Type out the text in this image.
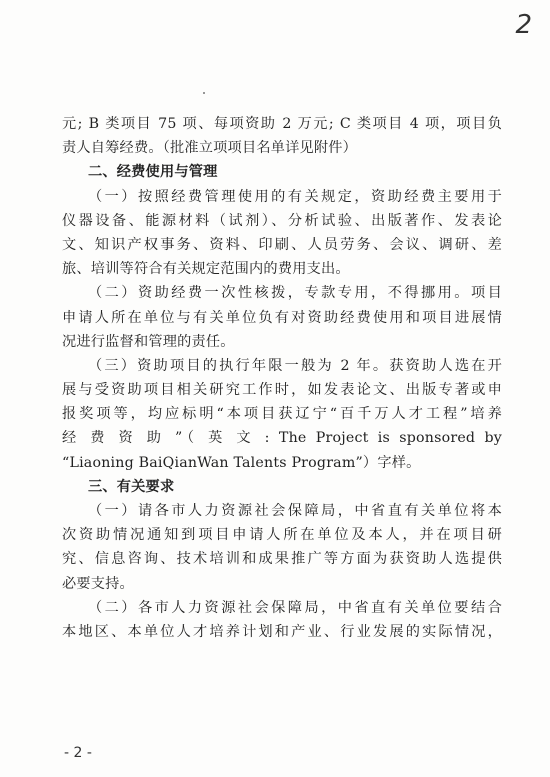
2
元; B 类项目 75 项、每项资助 2 万元; C 类项目 4 项，项目负
责人自筹经费。（批准立项项目名单详见附件）
二、经费使用与管理
（一）按照经费管理使用的有关规定，资助经费主要用于
仪器设备、能源材料（试剂）、分析试验、出版著作、发表论
文、知识产权事务、资料、印刷、人员劳务、会议、调研、差
旅、培训等符合有关规定范围内的费用支出。
（二）资助经费一次性核拨，专款专用，不得挪用。项目
申请人所在单位与有关单位负有对资助经费使用和项目进展情
况进行监督和管理的责任。
（三）资助项目的执行年限一般为 2 年。获资助人选在开
展与受资助项目相关研究工作时，如发表论文、出版专著或申
报奖项等，均应标明“本项目获辽宁“百千万人才工程”培养
经 费 资 助 ”（ 英 文 : The Project is sponsored by
“Liaoning BaiQianWan Talents Program”）字样。
三、有关要求
（一）请各市人力资源社会保障局，中省直有关单位将本
次资助情况通知到项目申请人所在单位及本人，并在项目研
究、信息咨询、技术培训和成果推广等方面为获资助人选提供
必要支持。
（二）各市人力资源社会保障局，中省直有关单位要结合
本地区、本单位人才培养计划和产业、行业发展的实际情况，
- 2 -
